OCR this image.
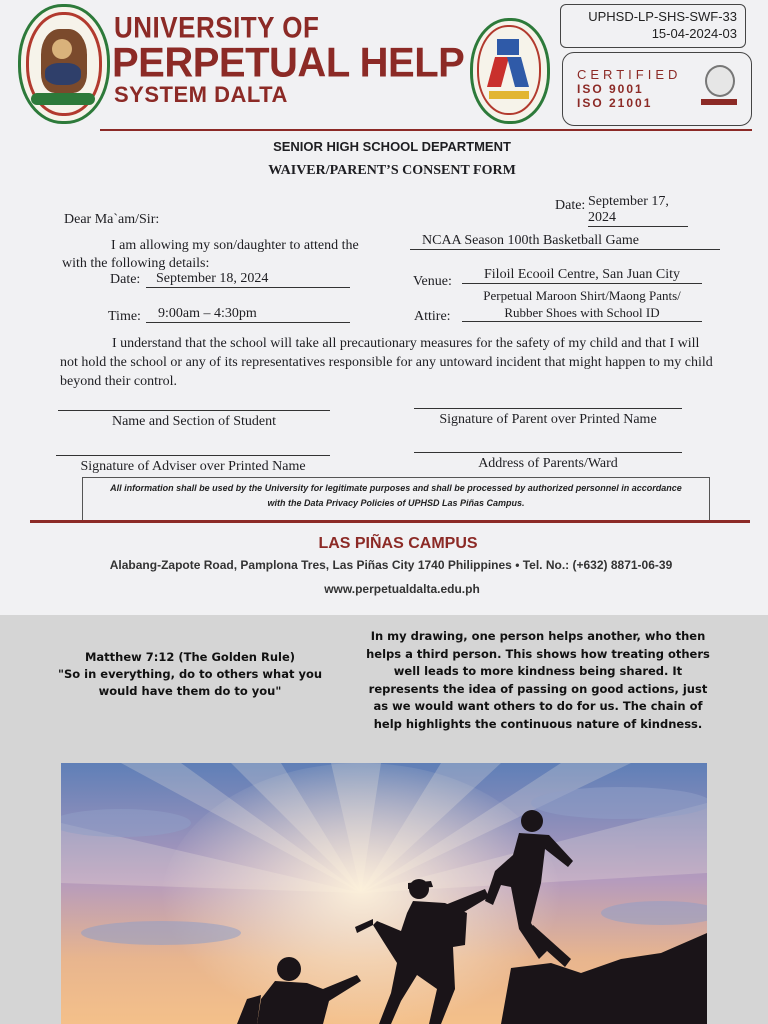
UNIVERSITY OF
PERPETUAL HELP
SYSTEM DALTA
UPHSD-LP-SHS-SWF-33
15-04-2024-03
CERTIFIED
ISO 9001
ISO 21001
SENIOR HIGH SCHOOL DEPARTMENT
WAIVER/PARENT’S CONSENT FORM
Date: September 17, 2024
Dear Ma`am/Sir:
I am allowing my son/daughter to attend the	NCAA Season 100th Basketball Game
with the following details:
Date:	September 18, 2024	Venue:	Filoil Ecooil Centre, San Juan City
Time:	9:00am – 4:30pm	Attire:
Perpetual Maroon Shirt/Maong Pants/
Rubber Shoes with School ID
I understand that the school will take all precautionary measures for the safety of my child and that I will not hold the school or any of its representatives responsible for any untoward incident that might happen to my child beyond their control.
Name and Section of Student	Signature of Parent over Printed Name
Signature of Adviser over Printed Name	Address of Parents/Ward
All information shall be used by the University for legitimate purposes and shall be processed by authorized personnel in accordance
with the Data Privacy Policies of UPHSD Las Piñas Campus.
LAS PIÑAS CAMPUS
Alabang-Zapote Road, Pamplona Tres, Las Piñas City 1740 Philippines • Tel. No.: (+632) 8871-06-39
www.perpetualdalta.edu.ph
Matthew 7:12 (The Golden Rule)
"So in everything, do to others what you would have them do to you"
In my drawing, one person helps another, who then helps a third person. This shows how treating others well leads to more kindness being shared. It represents the idea of passing on good actions, just as we would want others to do for us. The chain of help highlights the continuous nature of kindness.
